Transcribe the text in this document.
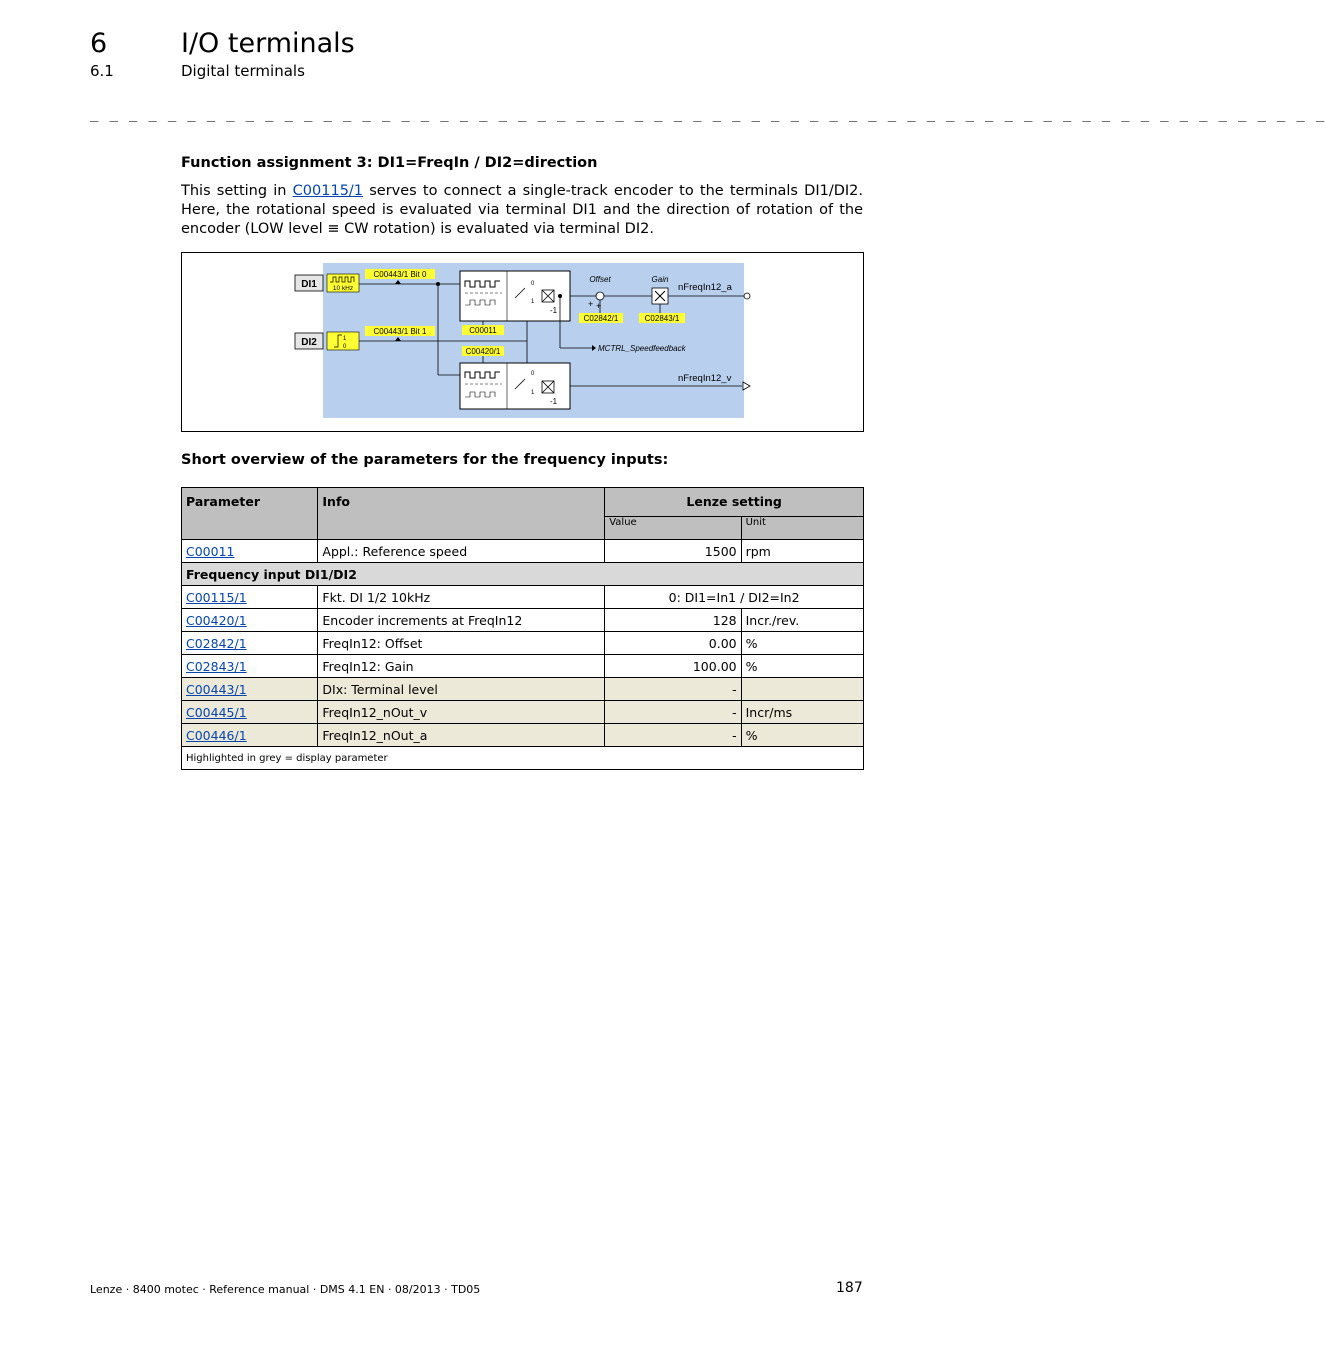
6	I/O terminals
6.1	Digital terminals
_ _ _ _ _ _ _ _ _ _ _ _ _ _ _ _ _ _ _ _ _ _ _ _ _ _ _ _ _ _ _ _ _ _ _ _ _ _ _ _ _ _ _ _ _ _ _ _ _ _ _ _ _ _ _ _ _ _ _ _ _ _ _ _
Function assignment 3: DI1=FreqIn / DI2=direction
This setting in C00115/1 serves to connect a single-track encoder to the terminals DI1/DI2. Here, the rotational speed is evaluated via terminal DI1 and the direction of rotation of the encoder (LOW level ≡ CW rotation) is evaluated via terminal DI2.
DI1 10 kHz
DI2	1
0
C00443/1 Bit 0
C00443/1 Bit 1
0
1
-1
C00011
0
1
-1
C00420/1
+ +
Offset
C02842/1
Gain
C02843/1
nFreqIn12_a
MCTRL_Speedfeedback
nFreqIn12_v
Short overview of the parameters for the frequency inputs:
Parameter	Info	Lenze setting	
		Value	Unit
C00011	Appl.: Reference speed	1500	rpm
Frequency input DI1/DI2			
C00115/1	Fkt. DI 1/2 10kHz	0: DI1=In1 / DI2=In2	
C00420/1	Encoder increments at FreqIn12	128	Incr./rev.
C02842/1	FreqIn12: Offset	0.00	%
C02843/1	FreqIn12: Gain	100.00	%
C00443/1	DIx: Terminal level	-	
C00445/1	FreqIn12_nOut_v	-	Incr/ms
C00446/1	FreqIn12_nOut_a	-	%
Highlighted in grey = display parameter			
Lenze · 8400 motec · Reference manual · DMS 4.1 EN · 08/2013 · TD05	187
